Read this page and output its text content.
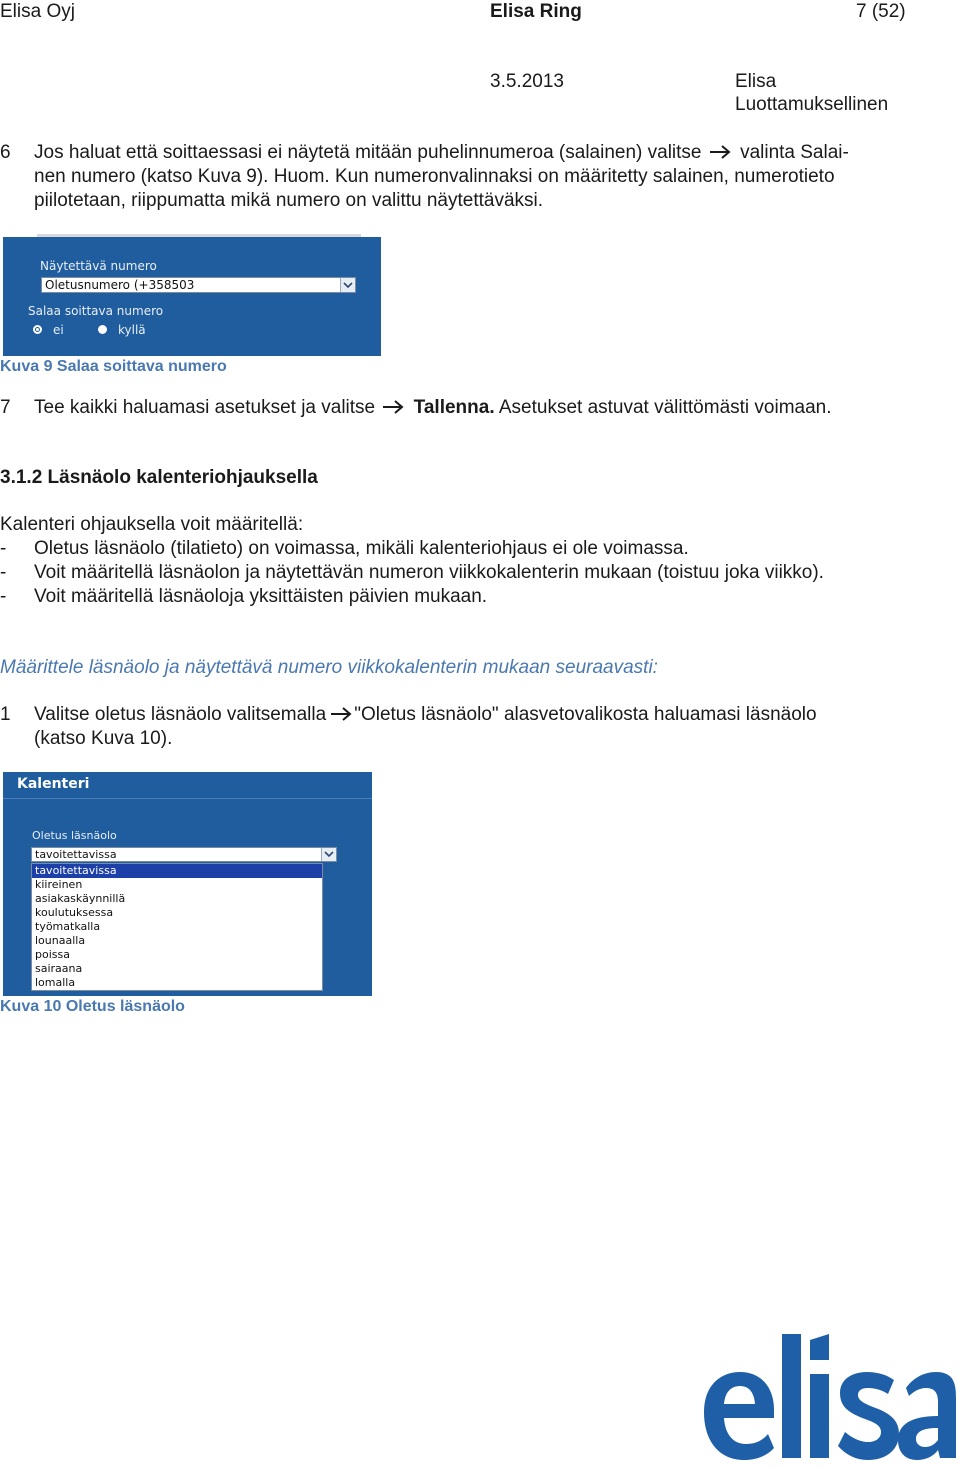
Elisa Oyj	Elisa Ring	7 (52)
3.5.2013	Elisa
Luottamuksellinen
6 Jos haluat että soittaessasi ei näytetä mitään puhelinnumeroa (salainen) valitse valinta Salai-
nen numero (katso Kuva 9). Huom. Kun numeronvalinnaksi on määritetty salainen, numerotieto
piilotetaan, riippumatta mikä numero on valittu näytettäväksi.
Näytettävä numero
Oletusnumero (+358503
Salaa soittava numero
ei	kyllä
Kuva 9 Salaa soittava numero
7 Tee kaikki haluamasi asetukset ja valitse Tallenna. Asetukset astuvat välittömästi voimaan.
3.1.2 Läsnäolo kalenteriohjauksella
Kalenteri ohjauksella voit määritellä:
- Oletus läsnäolo (tilatieto) on voimassa, mikäli kalenteriohjaus ei ole voimassa.
- Voit määritellä läsnäolon ja näytettävän numeron viikkokalenterin mukaan (toistuu joka viikko).
- Voit määritellä läsnäoloja yksittäisten päivien mukaan.
Määrittele läsnäolo ja näytettävä numero viikkokalenterin mukaan seuraavasti:
1 Valitse oletus läsnäolo valitsemalla "Oletus läsnäolo" alasvetovalikosta haluamasi läsnäolo
(katso Kuva 10).
Kalenteri
Oletus läsnäolo
tavoitettavissa
tavoitettavissa
kiireinen
asiakaskäynnillä
koulutuksessa
työmatkalla
lounaalla
poissa
sairaana
lomalla
Kuva 10 Oletus läsnäolo
